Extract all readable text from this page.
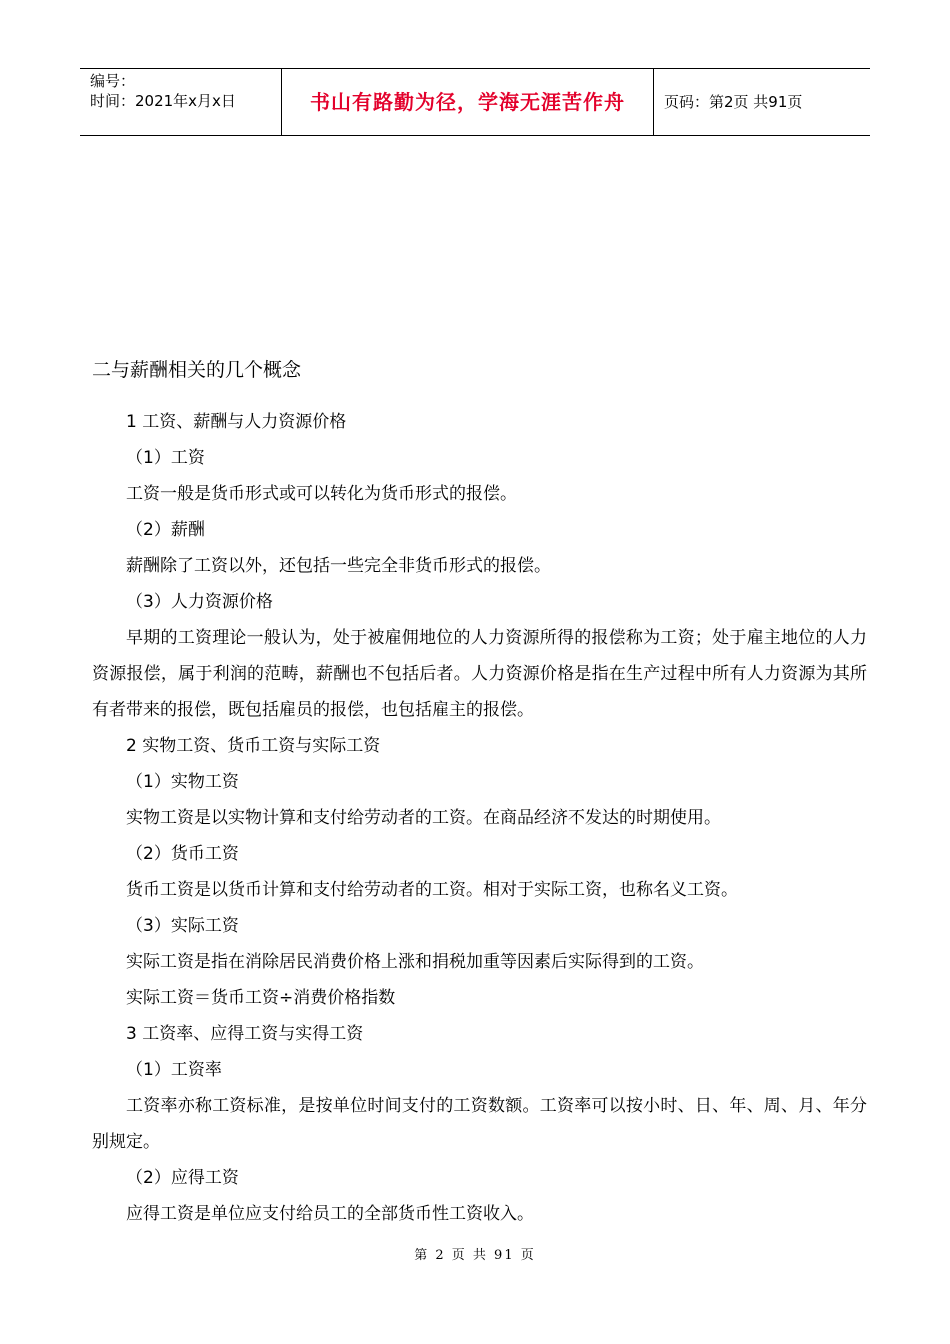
编号：
时间：2021年x月x日	书山有路勤为径，学海无涯苦作舟	页码：第2页 共91页
二与薪酬相关的几个概念

1 工资、薪酬与人力资源价格

（1）工资

工资一般是货币形式或可以转化为货币形式的报偿。

（2）薪酬

薪酬除了工资以外，还包括一些完全非货币形式的报偿。

（3）人力资源价格

早期的工资理论一般认为，处于被雇佣地位的人力资源所得的报偿称为工资；处于雇主地位的人力资源报偿，属于利润的范畴，薪酬也不包括后者。人力资源价格是指在生产过程中所有人力资源为其所有者带来的报偿，既包括雇员的报偿，也包括雇主的报偿。

2 实物工资、货币工资与实际工资

（1）实物工资

实物工资是以实物计算和支付给劳动者的工资。在商品经济不发达的时期使用。

（2）货币工资

货币工资是以货币计算和支付给劳动者的工资。相对于实际工资，也称名义工资。

（3）实际工资

实际工资是指在消除居民消费价格上涨和捐税加重等因素后实际得到的工资。

实际工资＝货币工资÷消费价格指数

3 工资率、应得工资与实得工资

（1）工资率

工资率亦称工资标准，是按单位时间支付的工资数额。工资率可以按小时、日、年、周、月、年分别规定。

（2）应得工资

应得工资是单位应支付给员工的全部货币性工资收入。

第 2 页 共 91 页
